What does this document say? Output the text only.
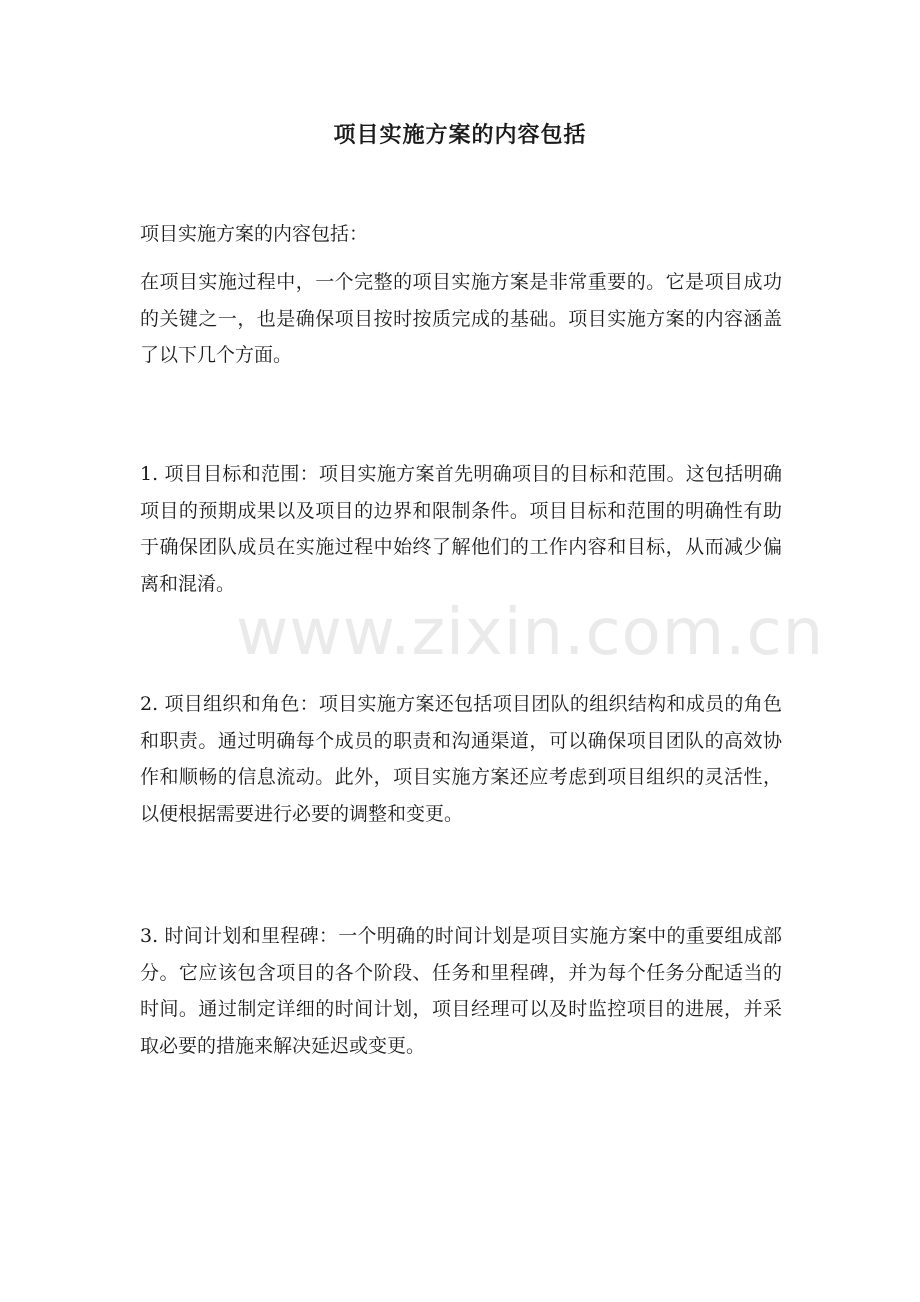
项目实施方案的内容包括

项目实施方案的内容包括：

在项目实施过程中，一个完整的项目实施方案是非常重要的。它是项目成功的关键之一，也是确保项目按时按质完成的基础。项目实施方案的内容涵盖了以下几个方面。

1. 项目目标和范围：项目实施方案首先明确项目的目标和范围。这包括明确项目的预期成果以及项目的边界和限制条件。项目目标和范围的明确性有助于确保团队成员在实施过程中始终了解他们的工作内容和目标，从而减少偏离和混淆。

2. 项目组织和角色：项目实施方案还包括项目团队的组织结构和成员的角色和职责。通过明确每个成员的职责和沟通渠道，可以确保项目团队的高效协作和顺畅的信息流动。此外，项目实施方案还应考虑到项目组织的灵活性，以便根据需要进行必要的调整和变更。

3. 时间计划和里程碑：一个明确的时间计划是项目实施方案中的重要组成部分。它应该包含项目的各个阶段、任务和里程碑，并为每个任务分配适当的时间。通过制定详细的时间计划，项目经理可以及时监控项目的进展，并采取必要的措施来解决延迟或变更。

www.zixin.com.cn
